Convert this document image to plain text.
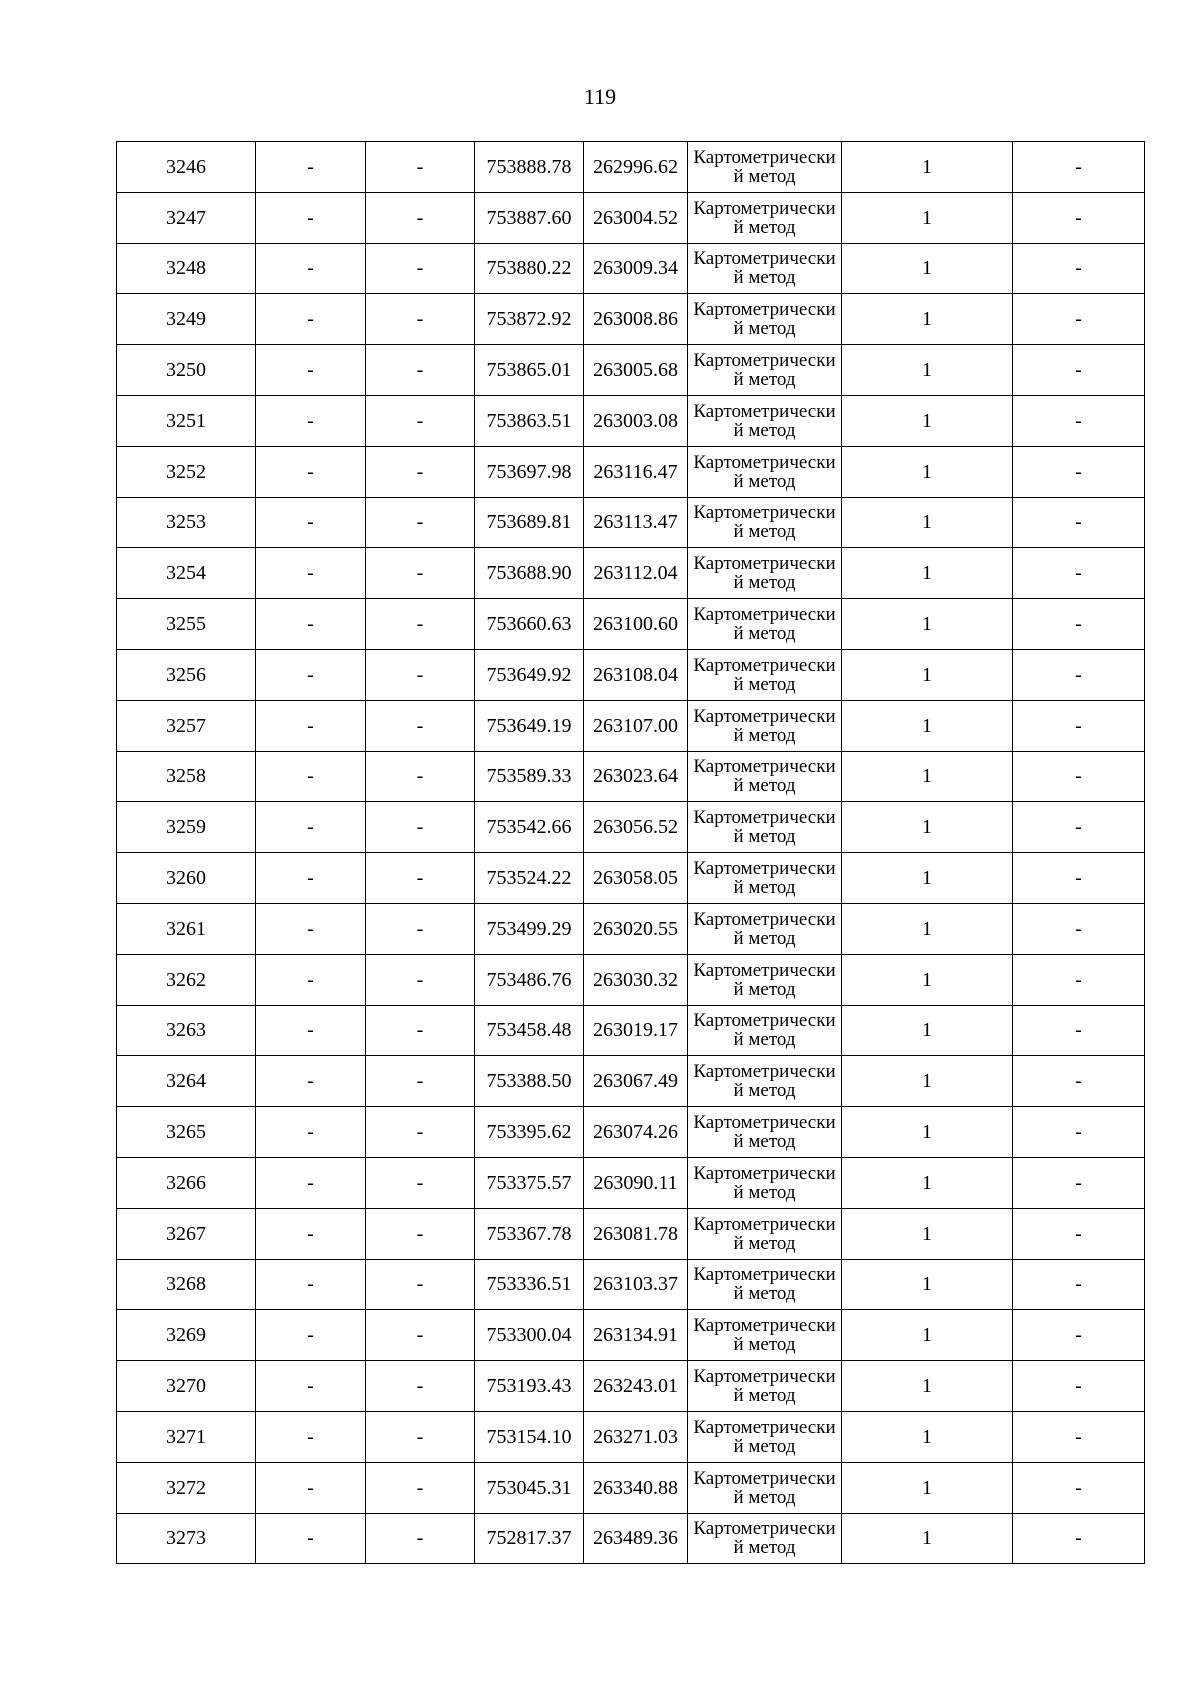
119
3246	-	-	753888.78	262996.62	Картометрический метод	1	-
3247	-	-	753887.60	263004.52	Картометрический метод	1	-
3248	-	-	753880.22	263009.34	Картометрический метод	1	-
3249	-	-	753872.92	263008.86	Картометрический метод	1	-
3250	-	-	753865.01	263005.68	Картометрический метод	1	-
3251	-	-	753863.51	263003.08	Картометрический метод	1	-
3252	-	-	753697.98	263116.47	Картометрический метод	1	-
3253	-	-	753689.81	263113.47	Картометрический метод	1	-
3254	-	-	753688.90	263112.04	Картометрический метод	1	-
3255	-	-	753660.63	263100.60	Картометрический метод	1	-
3256	-	-	753649.92	263108.04	Картометрический метод	1	-
3257	-	-	753649.19	263107.00	Картометрический метод	1	-
3258	-	-	753589.33	263023.64	Картометрический метод	1	-
3259	-	-	753542.66	263056.52	Картометрический метод	1	-
3260	-	-	753524.22	263058.05	Картометрический метод	1	-
3261	-	-	753499.29	263020.55	Картометрический метод	1	-
3262	-	-	753486.76	263030.32	Картометрический метод	1	-
3263	-	-	753458.48	263019.17	Картометрический метод	1	-
3264	-	-	753388.50	263067.49	Картометрический метод	1	-
3265	-	-	753395.62	263074.26	Картометрический метод	1	-
3266	-	-	753375.57	263090.11	Картометрический метод	1	-
3267	-	-	753367.78	263081.78	Картометрический метод	1	-
3268	-	-	753336.51	263103.37	Картометрический метод	1	-
3269	-	-	753300.04	263134.91	Картометрический метод	1	-
3270	-	-	753193.43	263243.01	Картометрический метод	1	-
3271	-	-	753154.10	263271.03	Картометрический метод	1	-
3272	-	-	753045.31	263340.88	Картометрический метод	1	-
3273	-	-	752817.37	263489.36	Картометрический метод	1	-
